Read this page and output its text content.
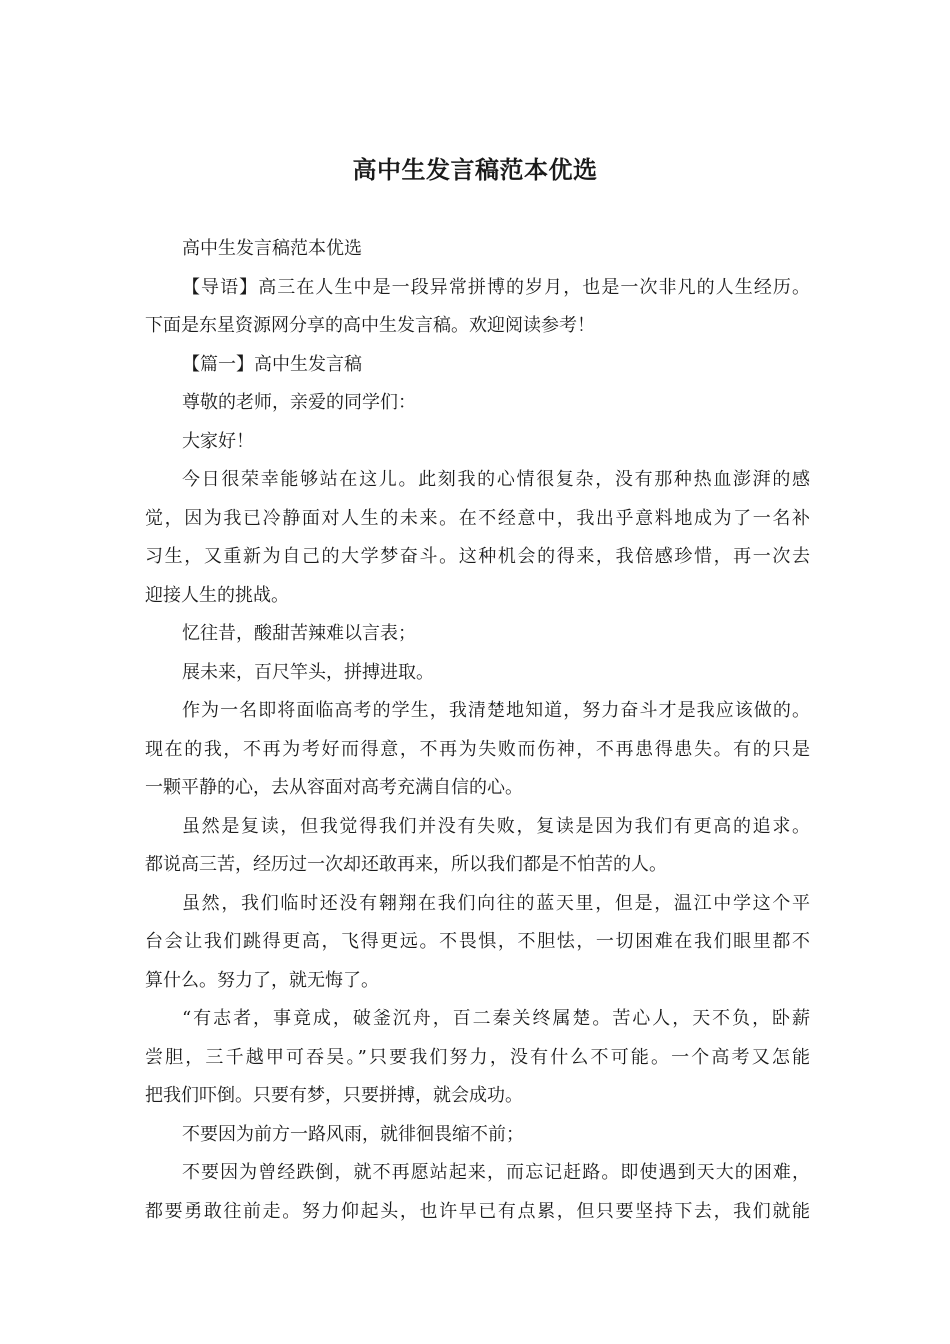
高中生发言稿范本优选
高中生发言稿范本优选
【导语】高三在人生中是一段异常拼博的岁月，也是一次非凡的人生经历。
下面是东星资源网分享的高中生发言稿。欢迎阅读参考！
【篇一】高中生发言稿
尊敬的老师，亲爱的同学们：
大家好！
今日很荣幸能够站在这儿。此刻我的心情很复杂，没有那种热血澎湃的感
觉，因为我已冷静面对人生的未来。在不经意中，我出乎意料地成为了一名补
习生，又重新为自己的大学梦奋斗。这种机会的得来，我倍感珍惜，再一次去
迎接人生的挑战。
忆往昔，酸甜苦辣难以言表；
展未来，百尺竿头，拼搏进取。
作为一名即将面临高考的学生，我清楚地知道，努力奋斗才是我应该做的。
现在的我，不再为考好而得意，不再为失败而伤神，不再患得患失。有的只是
一颗平静的心，去从容面对高考充满自信的心。
虽然是复读，但我觉得我们并没有失败，复读是因为我们有更高的追求。
都说高三苦，经历过一次却还敢再来，所以我们都是不怕苦的人。
虽然，我们临时还没有翱翔在我们向往的蓝天里，但是，温江中学这个平
台会让我们跳得更高，飞得更远。不畏惧，不胆怯，一切困难在我们眼里都不
算什么。努力了，就无悔了。
“有志者，事竟成，破釜沉舟，百二秦关终属楚。苦心人，天不负，卧薪
尝胆，三千越甲可吞吴。”只要我们努力，没有什么不可能。一个高考又怎能
把我们吓倒。只要有梦，只要拼搏，就会成功。
不要因为前方一路风雨，就徘徊畏缩不前；
不要因为曾经跌倒，就不再愿站起来，而忘记赶路。即使遇到天大的困难，
都要勇敢往前走。努力仰起头，也许早已有点累，但只要坚持下去，我们就能
